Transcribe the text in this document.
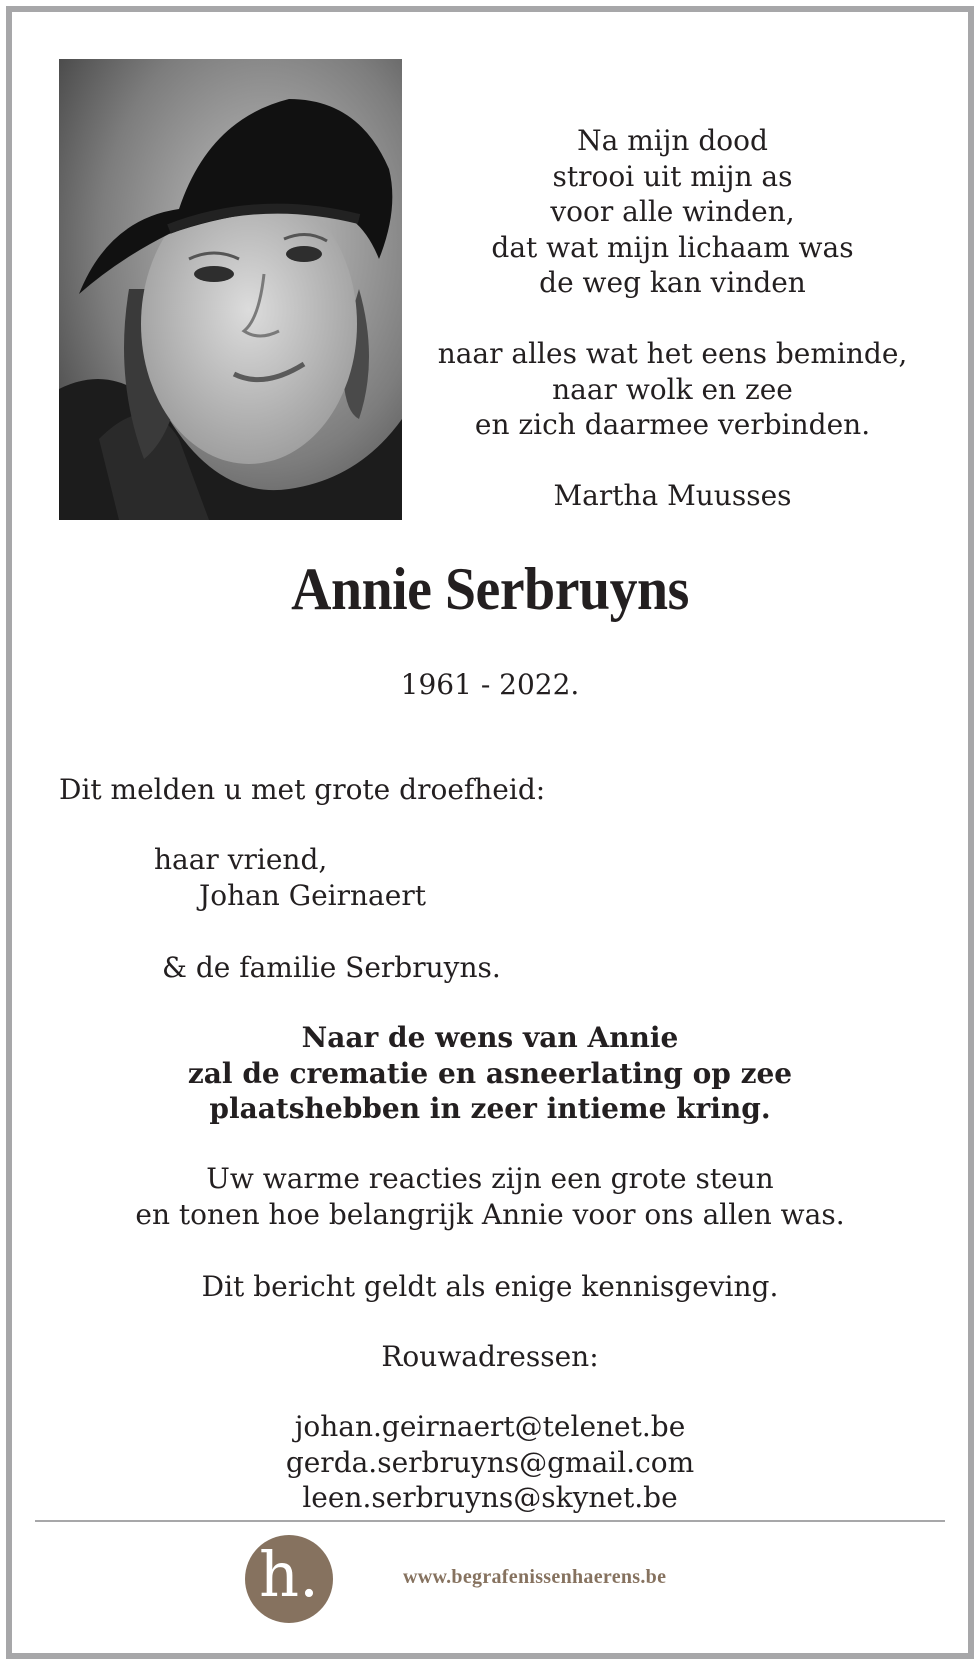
Na mijn dood

strooi uit mijn as

voor alle winden,

dat wat mijn lichaam was

de weg kan vinden

naar alles wat het eens beminde,

naar wolk en zee

en zich daarmee verbinden.

Martha Muusses

Annie Serbruyns
1961 - 2022.
Dit melden u met grote droefheid:
haar vriend,
Johan Geirnaert
& de familie Serbruyns.

Naar de wens van Annie

zal de crematie en asneerlating op zee

plaatshebben in zeer intieme kring.

Uw warme reacties zijn een grote steun

en tonen hoe belangrijk Annie voor ons allen was.

Dit bericht geldt als enige kennisgeving.

Rouwadressen:

johan.geirnaert@telenet.be

gerda.serbruyns@gmail.com

leen.serbruyns@skynet.be

h.	www.begrafenissenhaerens.be
